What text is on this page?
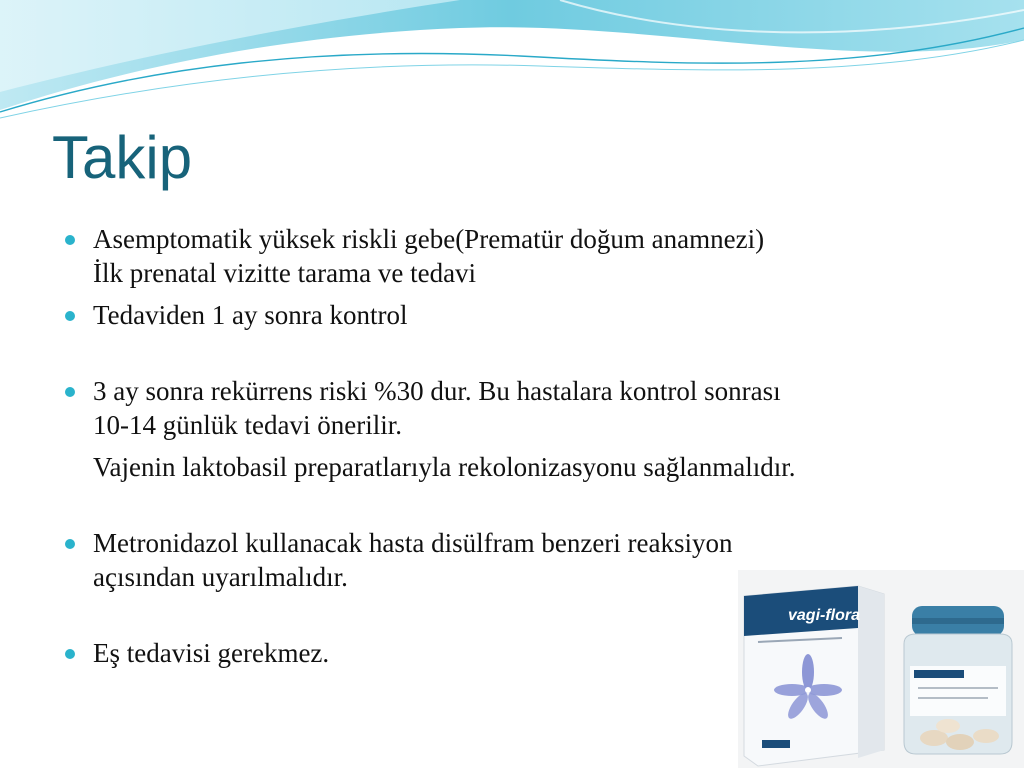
Takip
Asemptomatik yüksek riskli gebe(Prematür doğum anamnezi)
İlk prenatal vizitte tarama ve tedavi
Tedaviden 1 ay sonra kontrol
3 ay sonra rekürrens riski %30 dur. Bu hastalara kontrol sonrası
10-14 günlük tedavi önerilir.
Vajenin laktobasil preparatlarıyla rekolonizasyonu sağlanmalıdır.
Metronidazol kullanacak hasta disülfram benzeri reaksiyon
açısından uyarılmalıdır.
Eş tedavisi gerekmez.
vagi-flora
